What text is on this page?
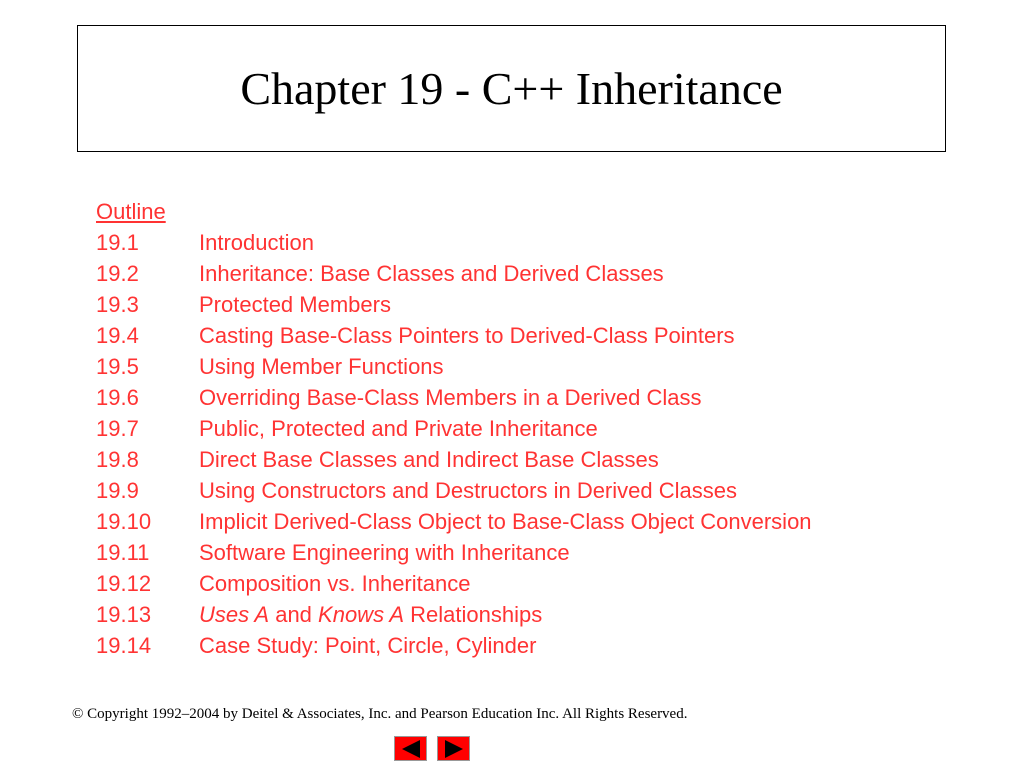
Chapter 19 - C++ Inheritance
Outline
19.1	Introduction
19.2	Inheritance: Base Classes and Derived Classes
19.3	Protected Members
19.4	Casting Base-Class Pointers to Derived-Class Pointers
19.5	Using Member Functions
19.6	Overriding Base-Class Members in a Derived Class
19.7	Public, Protected and Private Inheritance
19.8	Direct Base Classes and Indirect Base Classes
19.9	Using Constructors and Destructors in Derived Classes
19.10	Implicit Derived-Class Object to Base-Class Object Conversion
19.11	Software Engineering with Inheritance
19.12	Composition vs. Inheritance
19.13	Uses A and Knows A Relationships
19.14	Case Study: Point, Circle, Cylinder
© Copyright 1992–2004 by Deitel & Associates, Inc. and Pearson Education Inc. All Rights Reserved.
